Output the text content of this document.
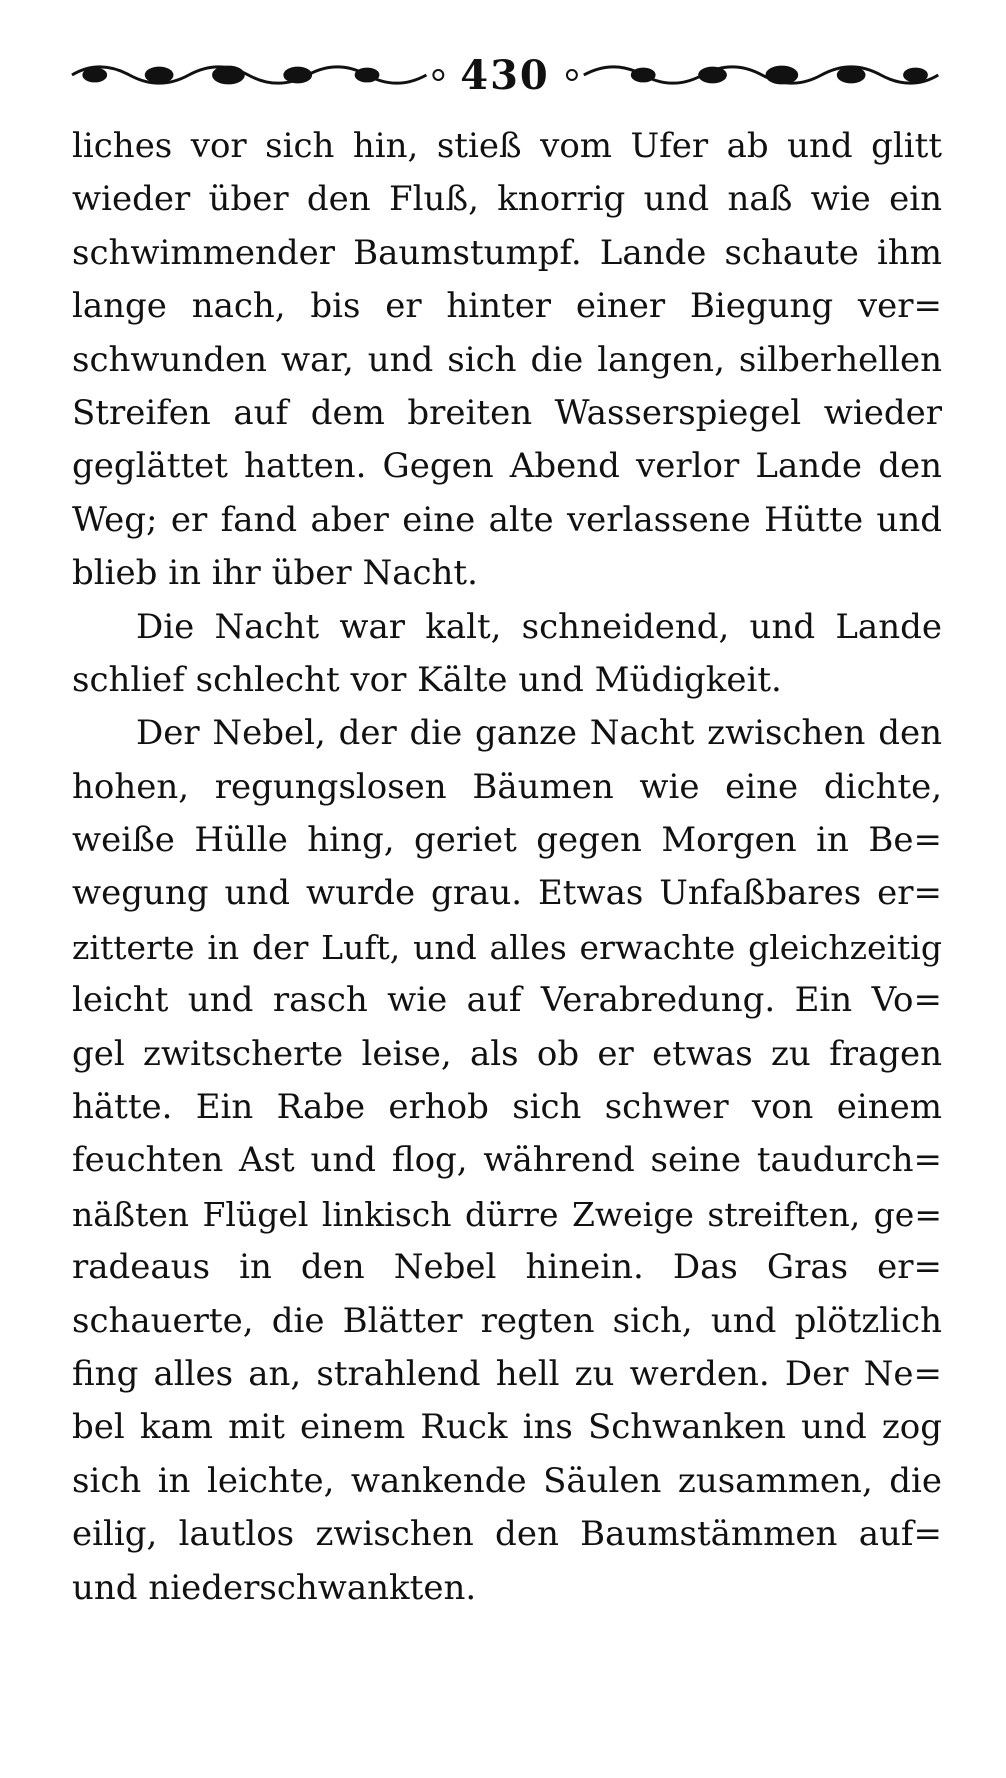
430
liches vor sich hin, stieß vom Ufer ab und glitt
wieder über den Fluß, knorrig und naß wie ein
schwimmender Baumstumpf. Lande schaute ihm
lange nach, bis er hinter einer Biegung ver=
schwunden war, und sich die langen, silberhellen
Streifen auf dem breiten Wasserspiegel wieder
geglättet hatten. Gegen Abend verlor Lande den
Weg; er fand aber eine alte verlassene Hütte und
blieb in ihr über Nacht.
Die Nacht war kalt, schneidend, und Lande
schlief schlecht vor Kälte und Müdigkeit.
Der Nebel, der die ganze Nacht zwischen den
hohen, regungslosen Bäumen wie eine dichte,
weiße Hülle hing, geriet gegen Morgen in Be=
wegung und wurde grau. Etwas Unfaßbares er=
zitterte in der Luft, und alles erwachte gleichzeitig
leicht und rasch wie auf Verabredung. Ein Vo=
gel zwitscherte leise, als ob er etwas zu fragen
hätte. Ein Rabe erhob sich schwer von einem
feuchten Ast und flog, während seine taudurch=
näßten Flügel linkisch dürre Zweige streiften, ge=
radeaus in den Nebel hinein. Das Gras er=
schauerte, die Blätter regten sich, und plötzlich
fing alles an, strahlend hell zu werden. Der Ne=
bel kam mit einem Ruck ins Schwanken und zog
sich in leichte, wankende Säulen zusammen, die
eilig, lautlos zwischen den Baumstämmen auf=
und niederschwankten.
